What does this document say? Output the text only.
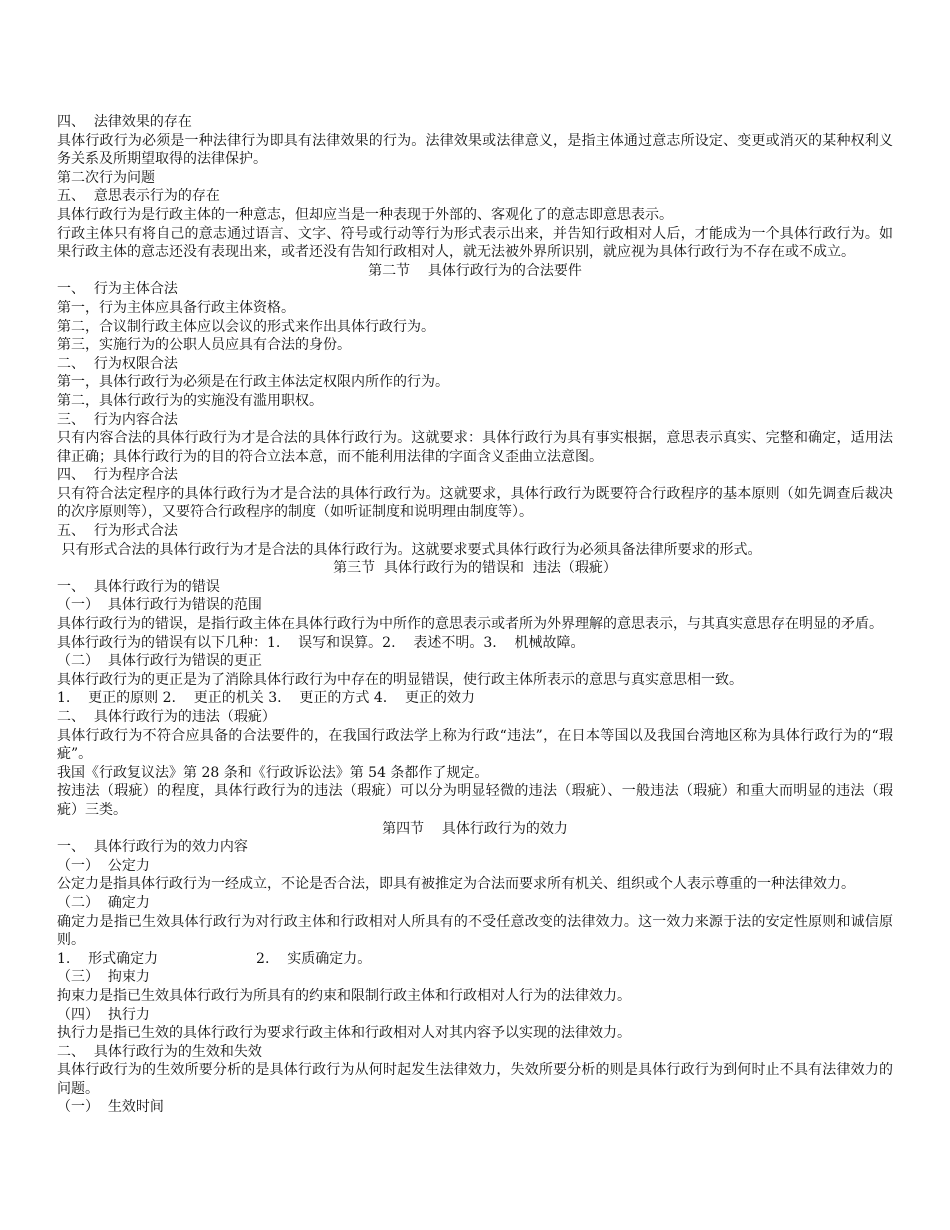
四、  法律效果的存在
具体行政行为必须是一种法律行为即具有法律效果的行为。法律效果或法律意义，是指主体通过意志所设定、变更或消灭的某种权利义务关系及所期望取得的法律保护。
第二次行为问题
五、  意思表示行为的存在
具体行政行为是行政主体的一种意志，但却应当是一种表现于外部的、客观化了的意志即意思表示。
行政主体只有将自己的意志通过语言、文字、符号或行动等行为形式表示出来，并告知行政相对人后，才能成为一个具体行政行为。如果行政主体的意志还没有表现出来，或者还没有告知行政相对人，就无法被外界所识别，就应视为具体行政行为不存在或不成立。
第二节    具体行政行为的合法要件
一、  行为主体合法
第一，行为主体应具备行政主体资格。
第二，合议制行政主体应以会议的形式来作出具体行政行为。
第三，实施行为的公职人员应具有合法的身份。
二、  行为权限合法
第一，具体行政行为必须是在行政主体法定权限内所作的行为。
第二，具体行政行为的实施没有滥用职权。
三、  行为内容合法
只有内容合法的具体行政行为才是合法的具体行政行为。这就要求：具体行政行为具有事实根据，意思表示真实、完整和确定，适用法律正确；具体行政行为的目的符合立法本意，而不能利用法律的字面含义歪曲立法意图。
四、  行为程序合法
只有符合法定程序的具体行政行为才是合法的具体行政行为。这就要求，具体行政行为既要符合行政程序的基本原则（如先调查后裁决的次序原则等），又要符合行政程序的制度（如听证制度和说明理由制度等）。
五、  行为形式合法
只有形式合法的具体行政行为才是合法的具体行政行为。这就要求要式具体行政行为必须具备法律所要求的形式。
第三节  具体行政行为的错误和  违法（瑕疵）
一、  具体行政行为的错误
（一）  具体行政行为错误的范围
具体行政行为的错误，是指行政主体在具体行政行为中所作的意思表示或者所为外界理解的意思表示，与其真实意思存在明显的矛盾。
具体行政行为的错误有以下几种：1.    误写和误算。2.    表述不明。3.    机械故障。
（二）  具体行政行为错误的更正
具体行政行为的更正是为了消除具体行政行为中存在的明显错误，使行政主体所表示的意思与真实意思相一致。
1.    更正的原则 2.    更正的机关 3.    更正的方式 4.    更正的效力
二、  具体行政行为的违法（瑕疵）
具体行政行为不符合应具备的合法要件的，在我国行政法学上称为行政“违法”，在日本等国以及我国台湾地区称为具体行政行为的“瑕疵”。
我国《行政复议法》第 28 条和《行政诉讼法》第 54 条都作了规定。
按违法（瑕疵）的程度，具体行政行为的违法（瑕疵）可以分为明显轻微的违法（瑕疵）、一般违法（瑕疵）和重大而明显的违法（瑕疵）三类。
第四节    具体行政行为的效力
一、  具体行政行为的效力内容
（一）  公定力
公定力是指具体行政行为一经成立，不论是否合法，即具有被推定为合法而要求所有机关、组织或个人表示尊重的一种法律效力。
（二）  确定力
确定力是指已生效具体行政行为对行政主体和行政相对人所具有的不受任意改变的法律效力。这一效力来源于法的安定性原则和诚信原则。
1.    形式确定力                      2.    实质确定力。
（三）  拘束力
拘束力是指已生效具体行政行为所具有的约束和限制行政主体和行政相对人行为的法律效力。
（四）  执行力
执行力是指已生效的具体行政行为要求行政主体和行政相对人对其内容予以实现的法律效力。
二、  具体行政行为的生效和失效
具体行政行为的生效所要分析的是具体行政行为从何时起发生法律效力，失效所要分析的则是具体行政行为到何时止不具有法律效力的问题。
（一）  生效时间
